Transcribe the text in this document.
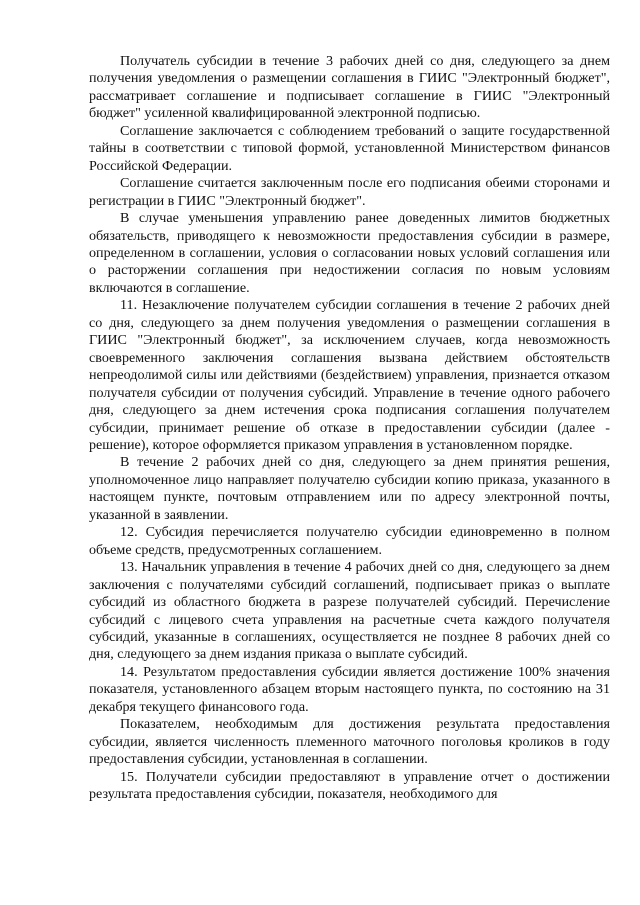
Получатель субсидии в течение 3 рабочих дней со дня, следующего за днем получения уведомления о размещении соглашения в ГИИС "Электронный бюджет", рассматривает соглашение и подписывает соглашение в ГИИС "Электронный бюджет" усиленной квалифицированной электронной подписью.

Соглашение заключается с соблюдением требований о защите государственной тайны в соответствии с типовой формой, установленной Министерством финансов Российской Федерации.

Соглашение считается заключенным после его подписания обеими сторонами и регистрации в ГИИС "Электронный бюджет".

В случае уменьшения управлению ранее доведенных лимитов бюджетных обязательств, приводящего к невозможности предоставления субсидии в размере, определенном в соглашении, условия о согласовании новых условий соглашения или о расторжении соглашения при недостижении согласия по новым условиям включаются в соглашение.

11. Незаключение получателем субсидии соглашения в течение 2 рабочих дней со дня, следующего за днем получения уведомления о размещении соглашения в ГИИС "Электронный бюджет", за исключением случаев, когда невозможность своевременного заключения соглашения вызвана действием обстоятельств непреодолимой силы или действиями (бездействием) управления, признается отказом получателя субсидии от получения субсидий. Управление в течение одного рабочего дня, следующего за днем истечения срока подписания соглашения получателем субсидии, принимает решение об отказе в предоставлении субсидии (далее - решение), которое оформляется приказом управления в установленном порядке.

В течение 2 рабочих дней со дня, следующего за днем принятия решения, уполномоченное лицо направляет получателю субсидии копию приказа, указанного в настоящем пункте, почтовым отправлением или по адресу электронной почты, указанной в заявлении.

12. Субсидия перечисляется получателю субсидии единовременно в полном объеме средств, предусмотренных соглашением.

13. Начальник управления в течение 4 рабочих дней со дня, следующего за днем заключения с получателями субсидий соглашений, подписывает приказ о выплате субсидий из областного бюджета в разрезе получателей субсидий. Перечисление субсидий с лицевого счета управления на расчетные счета каждого получателя субсидий, указанные в соглашениях, осуществляется не позднее 8 рабочих дней со дня, следующего за днем издания приказа о выплате субсидий.

14. Результатом предоставления субсидии является достижение 100% значения показателя, установленного абзацем вторым настоящего пункта, по состоянию на 31 декабря текущего финансового года.

Показателем, необходимым для достижения результата предоставления субсидии, является численность племенного маточного поголовья кроликов в году предоставления субсидии, установленная в соглашении.

15. Получатели субсидии предоставляют в управление отчет о достижении результата предоставления субсидии, показателя, необходимого для
